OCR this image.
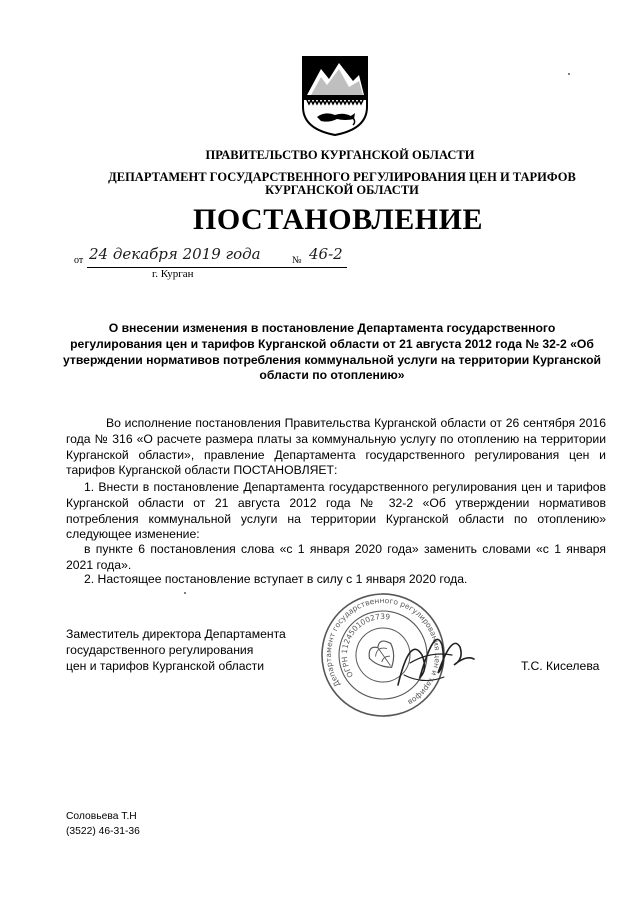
ПРАВИТЕЛЬСТВО КУРГАНСКОЙ ОБЛАСТИ
ДЕПАРТАМЕНТ ГОСУДАРСТВЕННОГО РЕГУЛИРОВАНИЯ ЦЕН И ТАРИФОВ
КУРГАНСКОЙ ОБЛАСТИ
ПОСТАНОВЛЕНИЕ
от 24 декабря 2019 года	№ 46-2
г. Курган
О внесении изменения в постановление Департамента государственного регулирования цен и тарифов Курганской области от 21 августа 2012 года № 32-2 «Об утверждении нормативов потребления коммунальной услуги на территории Курганской области по отоплению»
Во исполнение постановления Правительства Курганской области от 26 сентября 2016 года № 316 «О расчете размера платы за коммунальную услугу по отоплению на территории Курганской области», правление Департамента государственного регулирования цен и тарифов Курганской области ПОСТАНОВЛЯЕТ:
1. Внести в постановление Департамента государственного регулирования цен и тарифов Курганской области от 21 августа 2012 года № 32-2 «Об утверждении нормативов потребления коммунальной услуги на территории Курганской области по отоплению» следующее изменение:
в пункте 6 постановления слова «с 1 января 2020 года» заменить словами «с 1 января 2021 года».
2. Настоящее постановление вступает в силу с 1 января 2020 года.
Заместитель директора Департамента
государственного регулирования
цен и тарифов Курганской области	Т.С. Киселева
Департамент государственного регулирования цен и тарифов
ОГРН 1124501002739
Соловьева Т.Н
(3522) 46-31-36
